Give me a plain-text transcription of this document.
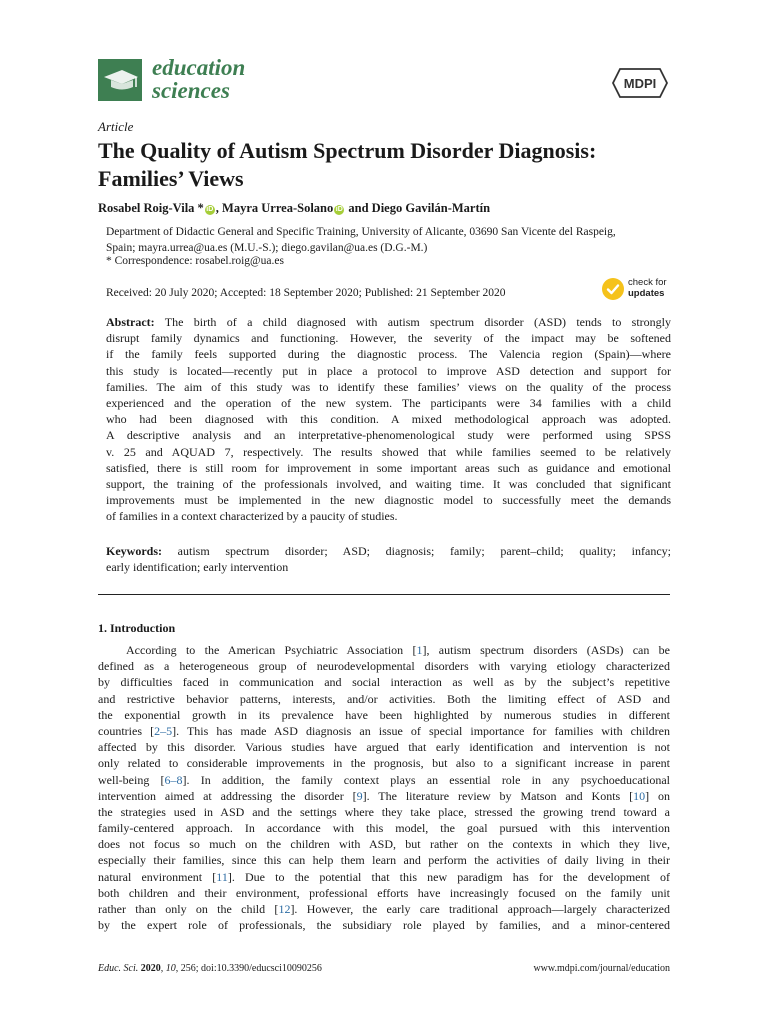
education
sciences	MDPI
Article
The Quality of Autism Spectrum Disorder Diagnosis:
Families’ Views
Rosabel Roig-Vila * iD , Mayra Urrea-Solano iD and Diego Gavilán-Martín
Department of Didactic General and Specific Training, University of Alicante, 03690 San Vicente del Raspeig,
Spain; mayra.urrea@ua.es (M.U.-S.); diego.gavilan@ua.es (D.G.-M.)
* Correspondence: rosabel.roig@ua.es
Received: 20 July 2020; Accepted: 18 September 2020; Published: 21 September 2020
check for
updates
Abstract: The birth of a child diagnosed with autism spectrum disorder (ASD) tends to strongly
disrupt family dynamics and functioning. However, the severity of the impact may be softened
if the family feels supported during the diagnostic process. The Valencia region (Spain)—where
this study is located—recently put in place a protocol to improve ASD detection and support for
families. The aim of this study was to identify these families’ views on the quality of the process
experienced and the operation of the new system. The participants were 34 families with a child
who had been diagnosed with this condition. A mixed methodological approach was adopted.
A descriptive analysis and an interpretative-phenomenological study were performed using SPSS
v. 25 and AQUAD 7, respectively. The results showed that while families seemed to be relatively
satisfied, there is still room for improvement in some important areas such as guidance and emotional
support, the training of the professionals involved, and waiting time. It was concluded that significant
improvements must be implemented in the new diagnostic model to successfully meet the demands
of families in a context characterized by a paucity of studies.
Keywords: autism spectrum disorder; ASD; diagnosis; family; parent–child; quality; infancy;
early identification; early intervention
1. Introduction
According to the American Psychiatric Association [1], autism spectrum disorders (ASDs) can be
defined as a heterogeneous group of neurodevelopmental disorders with varying etiology characterized
by difficulties faced in communication and social interaction as well as by the subject’s repetitive
and restrictive behavior patterns, interests, and/or activities. Both the limiting effect of ASD and
the exponential growth in its prevalence have been highlighted by numerous studies in different
countries [2–5]. This has made ASD diagnosis an issue of special importance for families with children
affected by this disorder. Various studies have argued that early identification and intervention is not
only related to considerable improvements in the prognosis, but also to a significant increase in parent
well-being [6–8]. In addition, the family context plays an essential role in any psychoeducational
intervention aimed at addressing the disorder [9]. The literature review by Matson and Konts [10] on
the strategies used in ASD and the settings where they take place, stressed the growing trend toward a
family-centered approach. In accordance with this model, the goal pursued with this intervention
does not focus so much on the children with ASD, but rather on the contexts in which they live,
especially their families, since this can help them learn and perform the activities of daily living in their
natural environment [11]. Due to the potential that this new paradigm has for the development of
both children and their environment, professional efforts have increasingly focused on the family unit
rather than only on the child [12]. However, the early care traditional approach—largely characterized
by the expert role of professionals, the subsidiary role played by families, and a minor-centered
Educ. Sci. 2020, 10, 256; doi:10.3390/educsci10090256	www.mdpi.com/journal/education
